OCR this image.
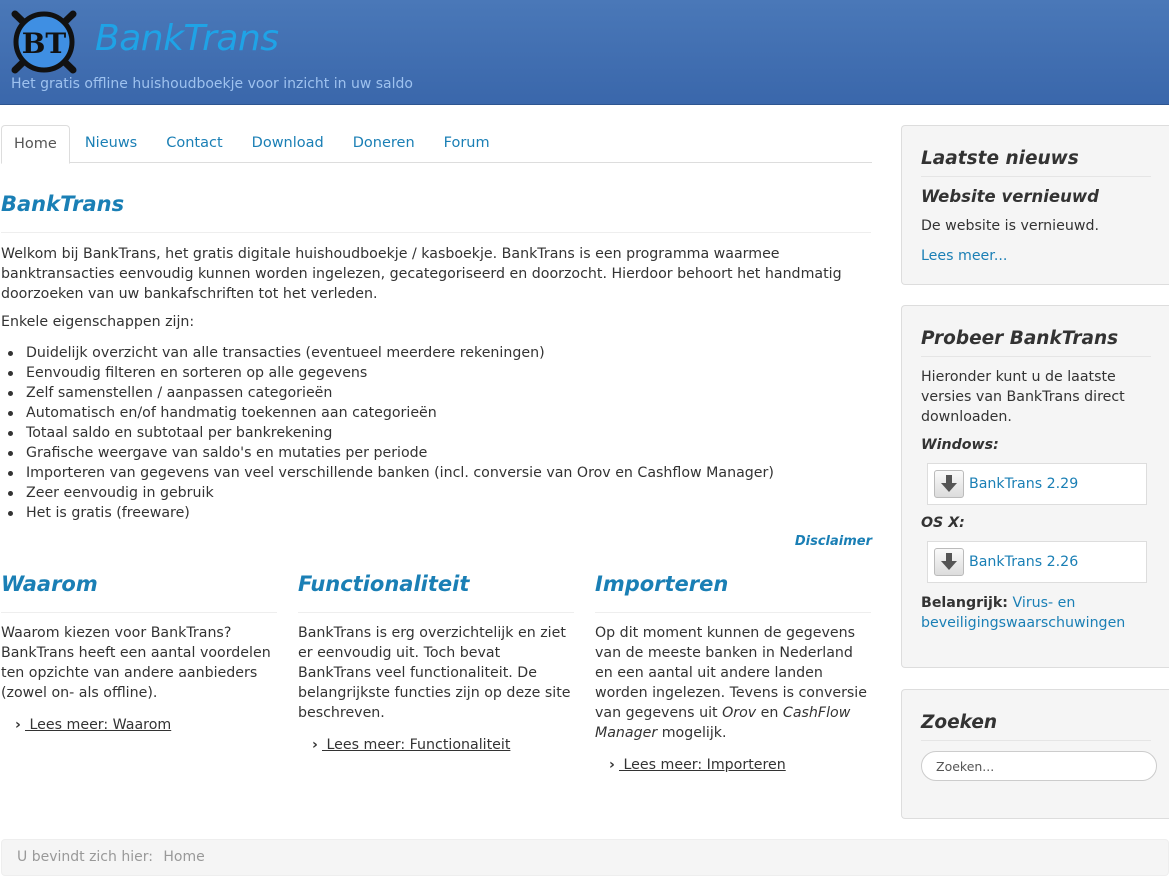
BT BankTrans
Het gratis offline huishoudboekje voor inzicht in uw saldo
Home	Nieuws	Contact	Download	Doneren	Forum
BankTrans
Welkom bij BankTrans, het gratis digitale huishoudboekje / kasboekje. BankTrans is een programma waarmee banktransacties eenvoudig kunnen worden ingelezen, gecategoriseerd en doorzocht. Hierdoor behoort het handmatig doorzoeken van uw bankafschriften tot het verleden.
Enkele eigenschappen zijn:
Duidelijk overzicht van alle transacties (eventueel meerdere rekeningen)
Eenvoudig filteren en sorteren op alle gegevens
Zelf samenstellen / aanpassen categorieën
Automatisch en/of handmatig toekennen aan categorieën
Totaal saldo en subtotaal per bankrekening
Grafische weergave van saldo's en mutaties per periode
Importeren van gegevens van veel verschillende banken (incl. conversie van Orov en Cashflow Manager)
Zeer eenvoudig in gebruik
Het is gratis (freeware)
Disclaimer
Waarom

Waarom kiezen voor BankTrans? BankTrans heeft een aantal voordelen ten opzichte van andere aanbieders (zowel on- als offline).

› Lees meer: Waarom
Functionaliteit

BankTrans is erg overzichtelijk en ziet er eenvoudig uit. Toch bevat BankTrans veel functionaliteit. De belangrijkste functies zijn op deze site beschreven.

› Lees meer: Functionaliteit
Importeren

Op dit moment kunnen de gegevens van de meeste banken in Nederland en een aantal uit andere landen worden ingelezen. Tevens is conversie van gegevens uit Orov en CashFlow Manager mogelijk.

› Lees meer: Importeren
Laatste nieuws
Website vernieuwd

De website is vernieuwd.

Lees meer...

Probeer BankTrans

Hieronder kunt u de laatste versies van BankTrans direct downloaden.

Windows:
BankTrans 2.29
OS X:
BankTrans 2.26

Belangrijk: Virus- en beveiligingswaarschuwingen

Zoeken
Zoeken...
U bevindt zich hier: Home
